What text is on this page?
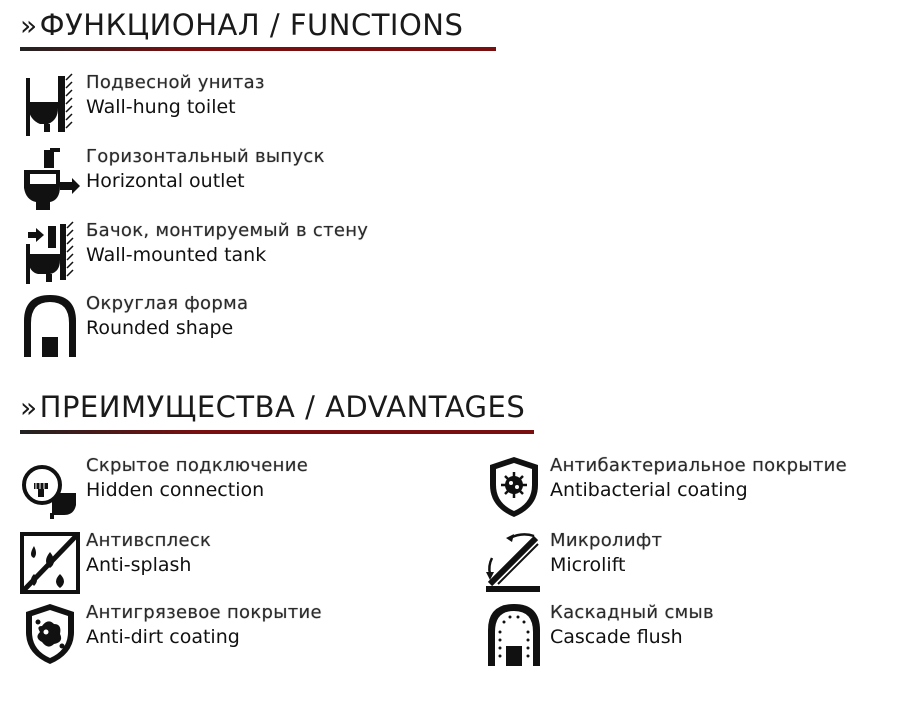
»ФУНКЦИОНАЛ / FUNCTIONS
Подвесной унитаз
Wall-hung toilet
Горизонтальный выпуск
Horizontal outlet
Бачок, монтируемый в стену
Wall-mounted tank
Округлая форма
Rounded shape
»ПРЕИМУЩЕСТВА / ADVANTAGES
Скрытое подключение
Hidden connection
Антибактериальное покрытие
Antibacterial coating
Антивсплеск
Anti-splash
Микролифт
Microlift
Антигрязевое покрытие
Anti-dirt coating
Каскадный смыв
Cascade flush
